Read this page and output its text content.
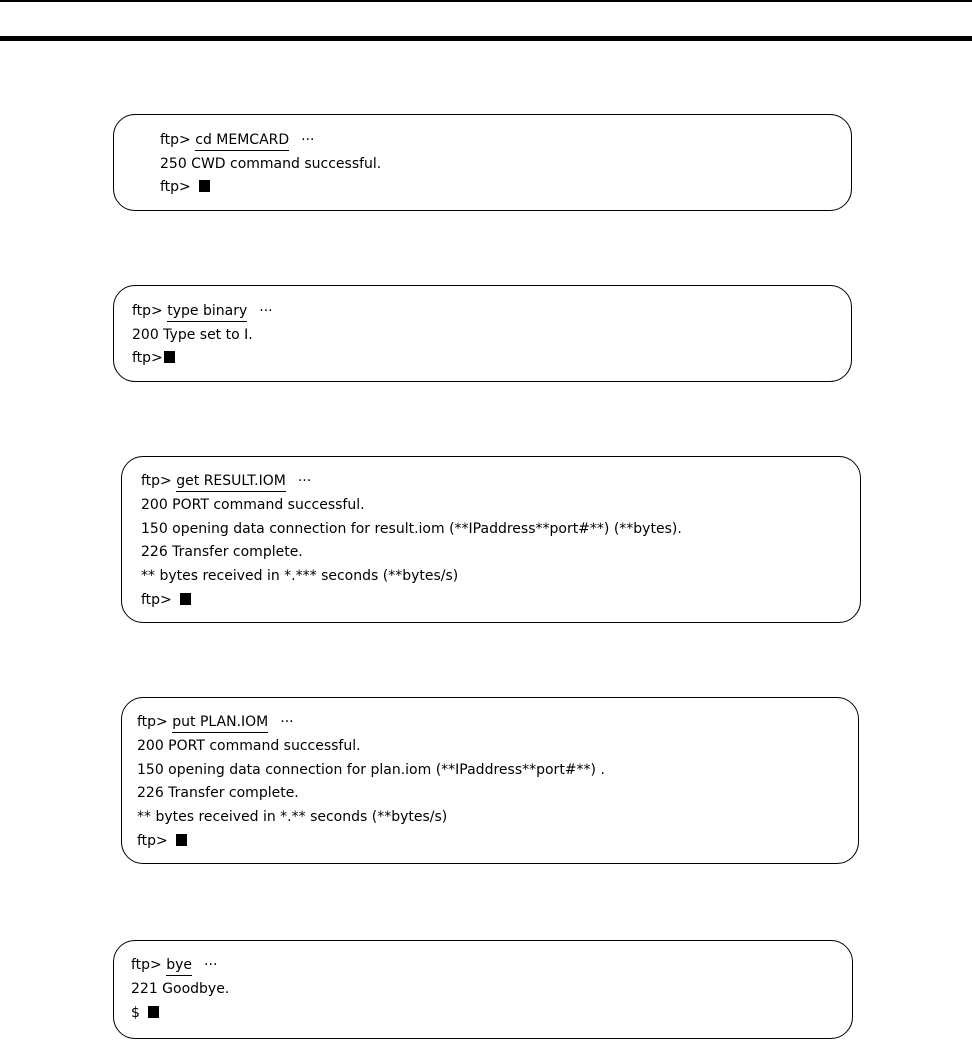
ftp> cd MEMCARD ···
250 CWD command successful.
ftp>
ftp> type binary ···
200 Type set to I.
ftp>
ftp> get RESULT.IOM ···
200 PORT command successful.
150 opening data connection for result.iom (**IPaddress**port#**) (**bytes).
226 Transfer complete.
** bytes received in *.*** seconds (**bytes/s)
ftp>
ftp> put PLAN.IOM ···
200 PORT command successful.
150 opening data connection for plan.iom (**IPaddress**port#**) .
226 Transfer complete.
** bytes received in *.** seconds (**bytes/s)
ftp>
ftp> bye ···
221 Goodbye.
$
